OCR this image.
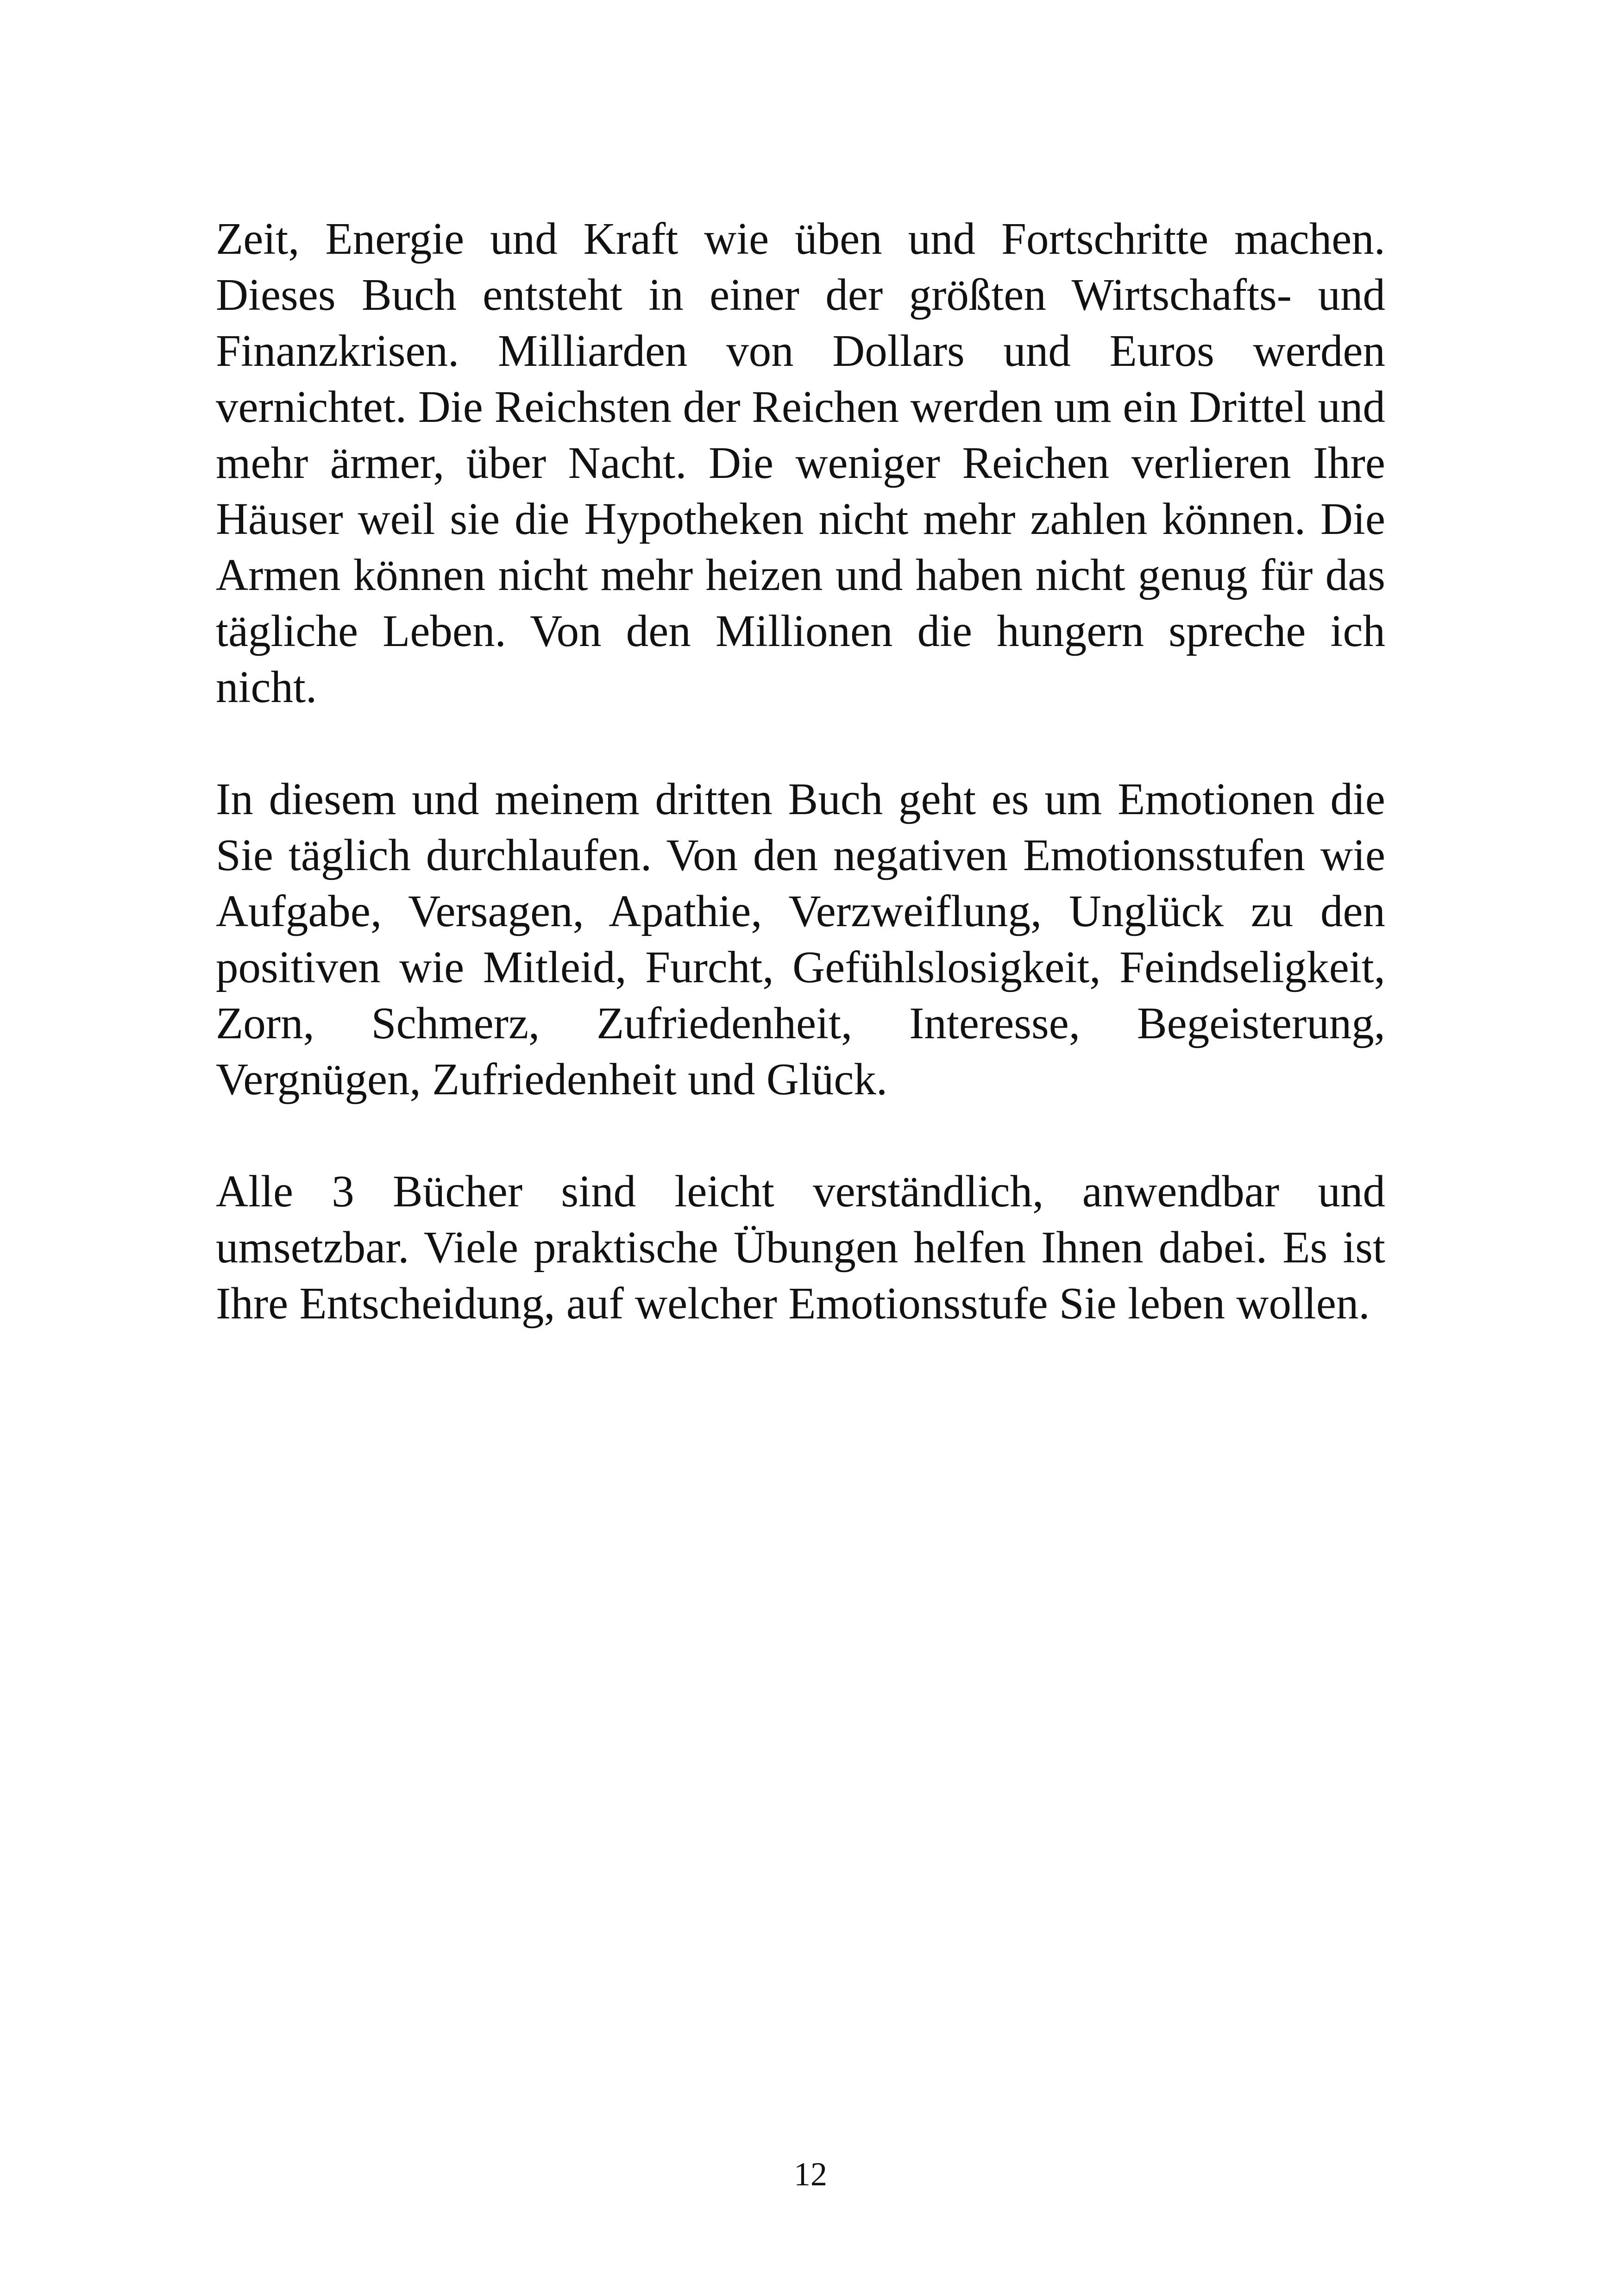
Zeit, Energie und Kraft wie üben und Fortschritte machen. Dieses Buch entsteht in einer der größten Wirtschafts- und Finanzkrisen. Milliarden von Dollars und Euros werden vernichtet. Die Reichsten der Reichen werden um ein Drittel und mehr ärmer, über Nacht. Die weniger Reichen verlieren Ihre Häuser weil sie die Hypotheken nicht mehr zahlen können. Die Armen können nicht mehr heizen und haben nicht genug für das tägliche Leben. Von den Millionen die hungern spreche ich nicht.

In diesem und meinem dritten Buch geht es um Emotionen die Sie täglich durchlaufen. Von den negativen Emotionsstufen wie Aufgabe, Versagen, Apathie, Verzweiflung, Unglück zu den positiven wie Mitleid, Furcht, Gefühlslosigkeit, Feindseligkeit, Zorn, Schmerz, Zufriedenheit, Interesse, Begeisterung, Vergnügen, Zufriedenheit und Glück.

Alle 3 Bücher sind leicht verständlich, anwendbar und umsetzbar. Viele praktische Übungen helfen Ihnen dabei. Es ist Ihre Entscheidung, auf welcher Emotionsstufe Sie leben wollen.

12
